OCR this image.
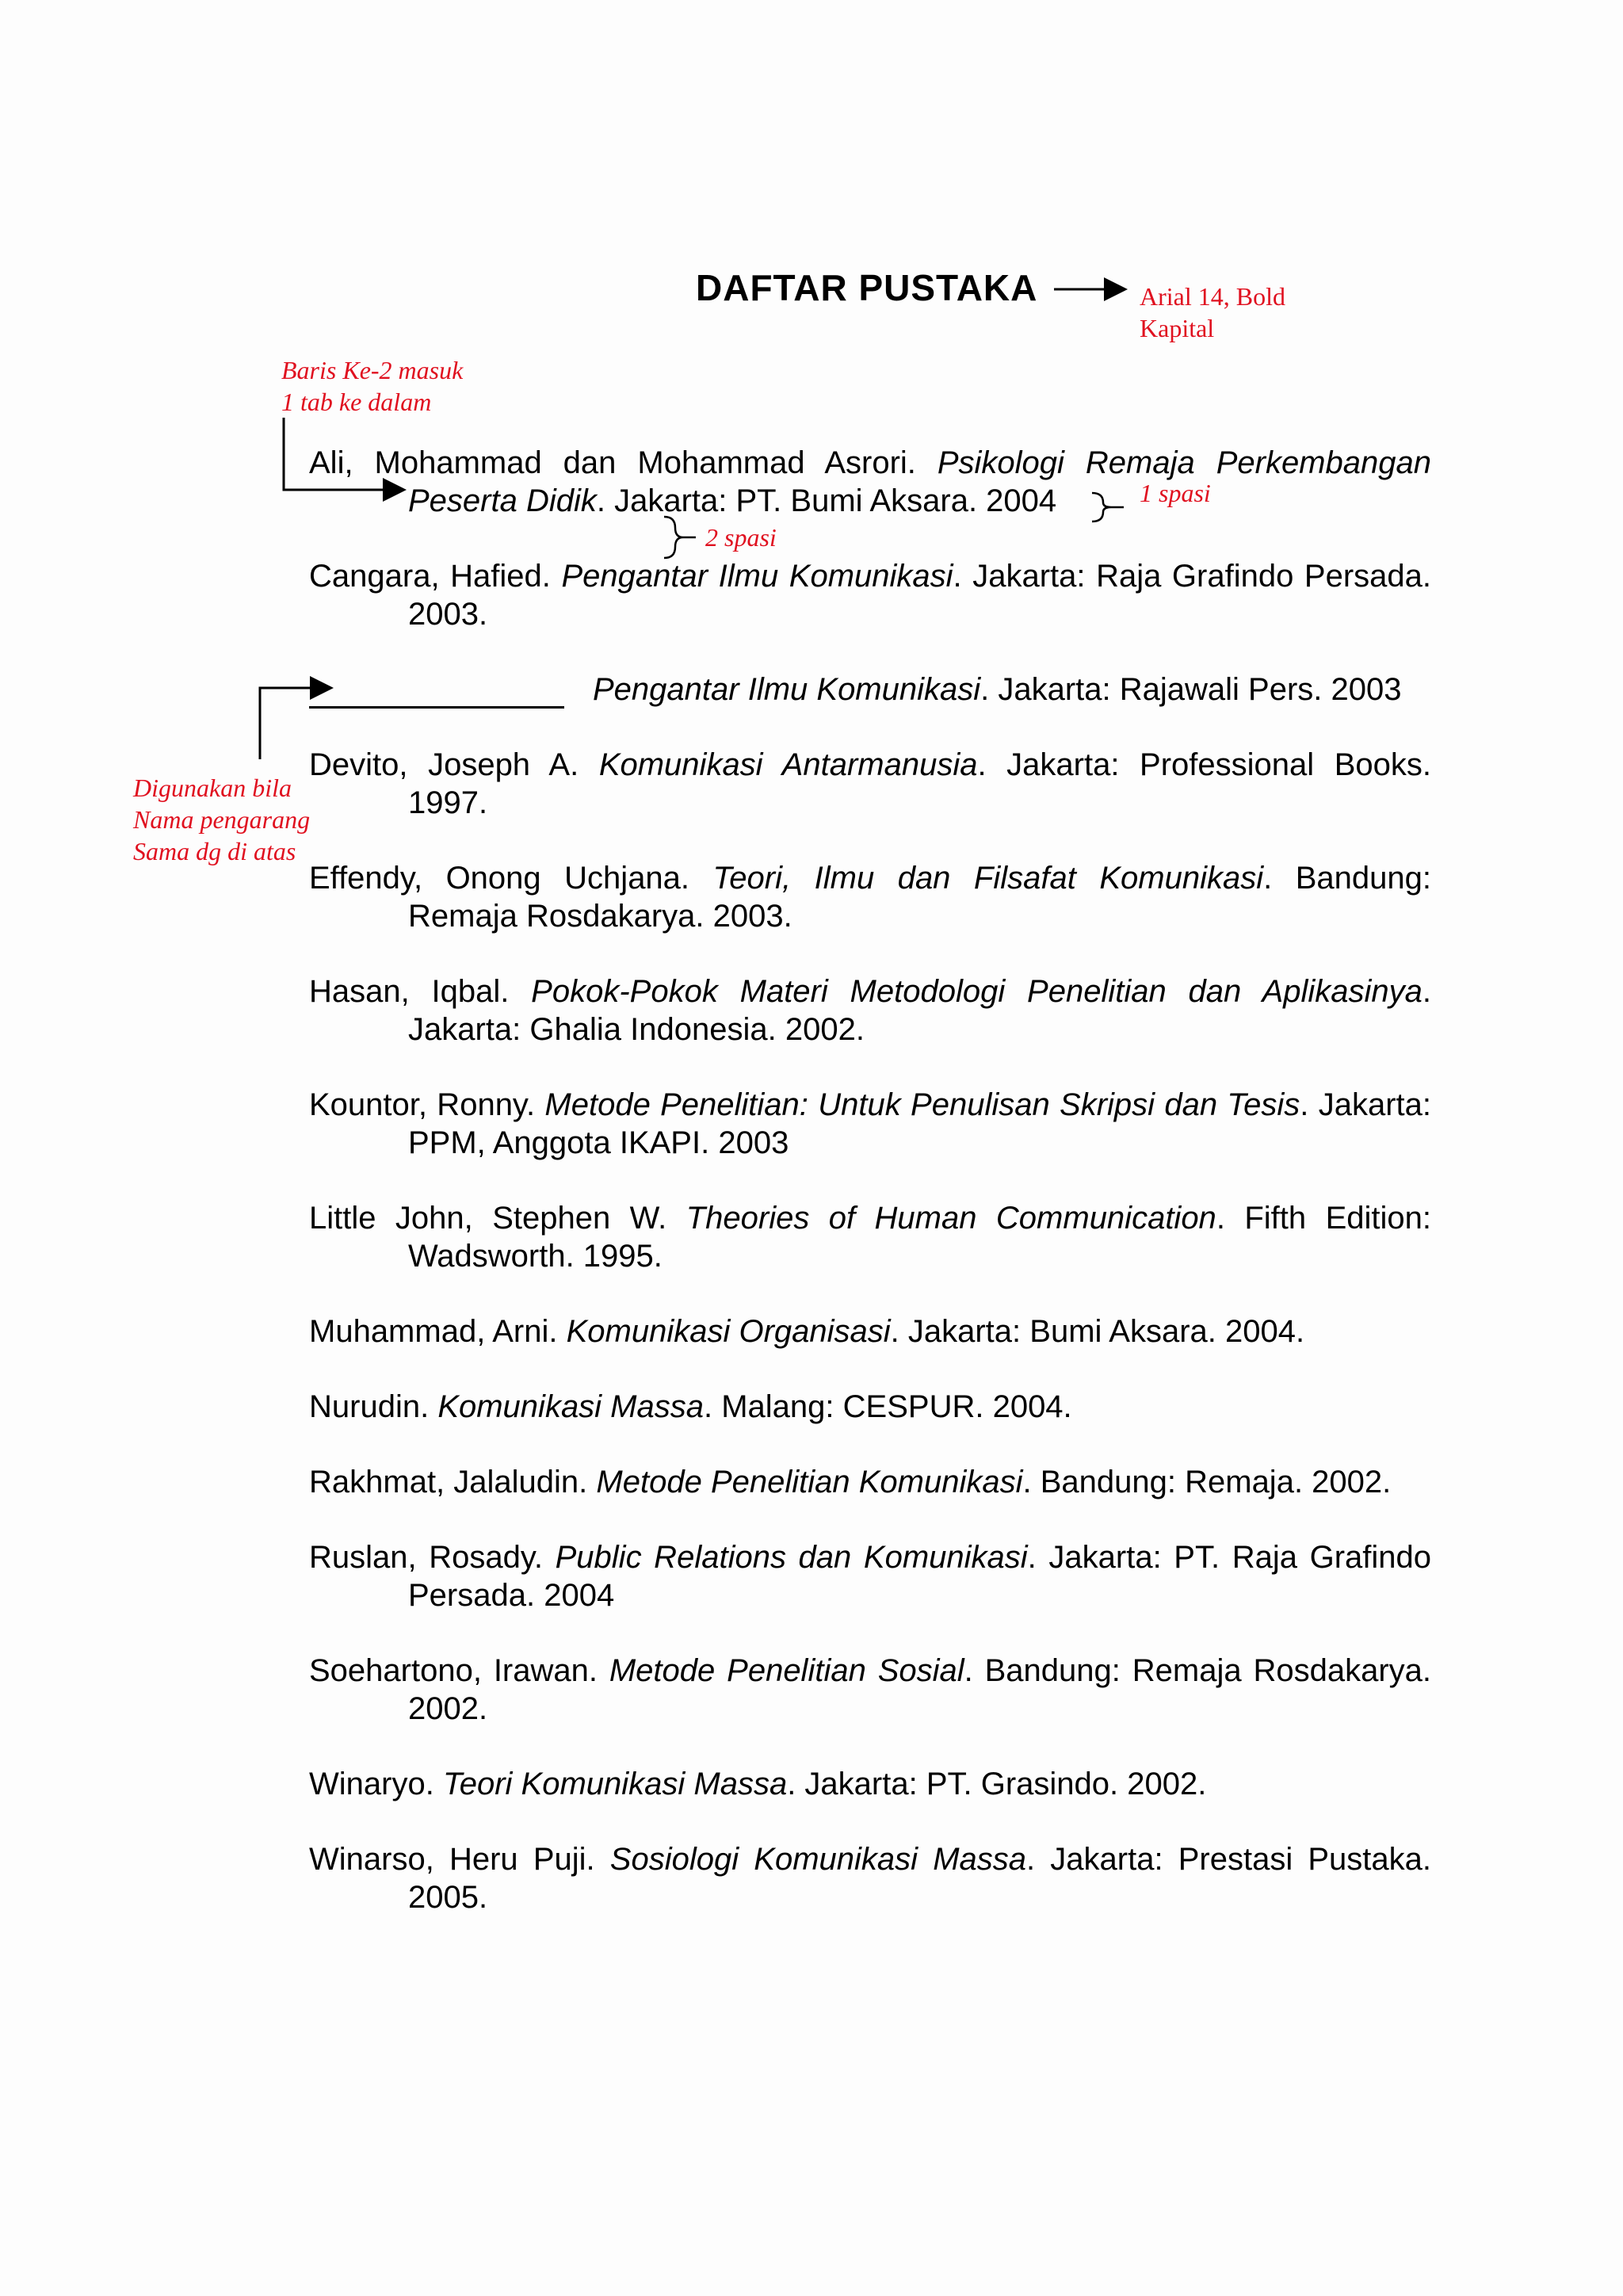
DAFTAR PUSTAKA	Arial 14, Bold
Kapital
Baris Ke-2 masuk
1 tab ke dalam
1 spasi
2 spasi
Digunakan bila
Nama pengarang
Sama dg di atas

Ali, Mohammad dan Mohammad Asrori. Psikologi Remaja Perkembangan Peserta Didik. Jakarta: PT. Bumi Aksara. 2004

Cangara, Hafied. Pengantar Ilmu Komunikasi. Jakarta: Raja Grafindo Persada. 2003.

Pengantar Ilmu Komunikasi. Jakarta: Rajawali Pers. 2003

Devito, Joseph A. Komunikasi Antarmanusia. Jakarta: Professional Books. 1997.

Effendy, Onong Uchjana. Teori, Ilmu dan Filsafat Komunikasi. Bandung: Remaja Rosdakarya. 2003.

Hasan, Iqbal. Pokok-Pokok Materi Metodologi Penelitian dan Aplikasinya. Jakarta: Ghalia Indonesia. 2002.

Kountor, Ronny. Metode Penelitian: Untuk Penulisan Skripsi dan Tesis. Jakarta: PPM, Anggota IKAPI. 2003

Little John, Stephen W. Theories of Human Communication. Fifth Edition: Wadsworth. 1995.

Muhammad, Arni. Komunikasi Organisasi. Jakarta: Bumi Aksara. 2004.

Nurudin. Komunikasi Massa. Malang: CESPUR. 2004.

Rakhmat, Jalaludin. Metode Penelitian Komunikasi. Bandung: Remaja. 2002.

Ruslan, Rosady. Public Relations dan Komunikasi. Jakarta: PT. Raja Grafindo Persada. 2004

Soehartono, Irawan. Metode Penelitian Sosial. Bandung: Remaja Rosdakarya. 2002.

Winaryo. Teori Komunikasi Massa. Jakarta: PT. Grasindo. 2002.

Winarso, Heru Puji. Sosiologi Komunikasi Massa. Jakarta: Prestasi Pustaka. 2005.
